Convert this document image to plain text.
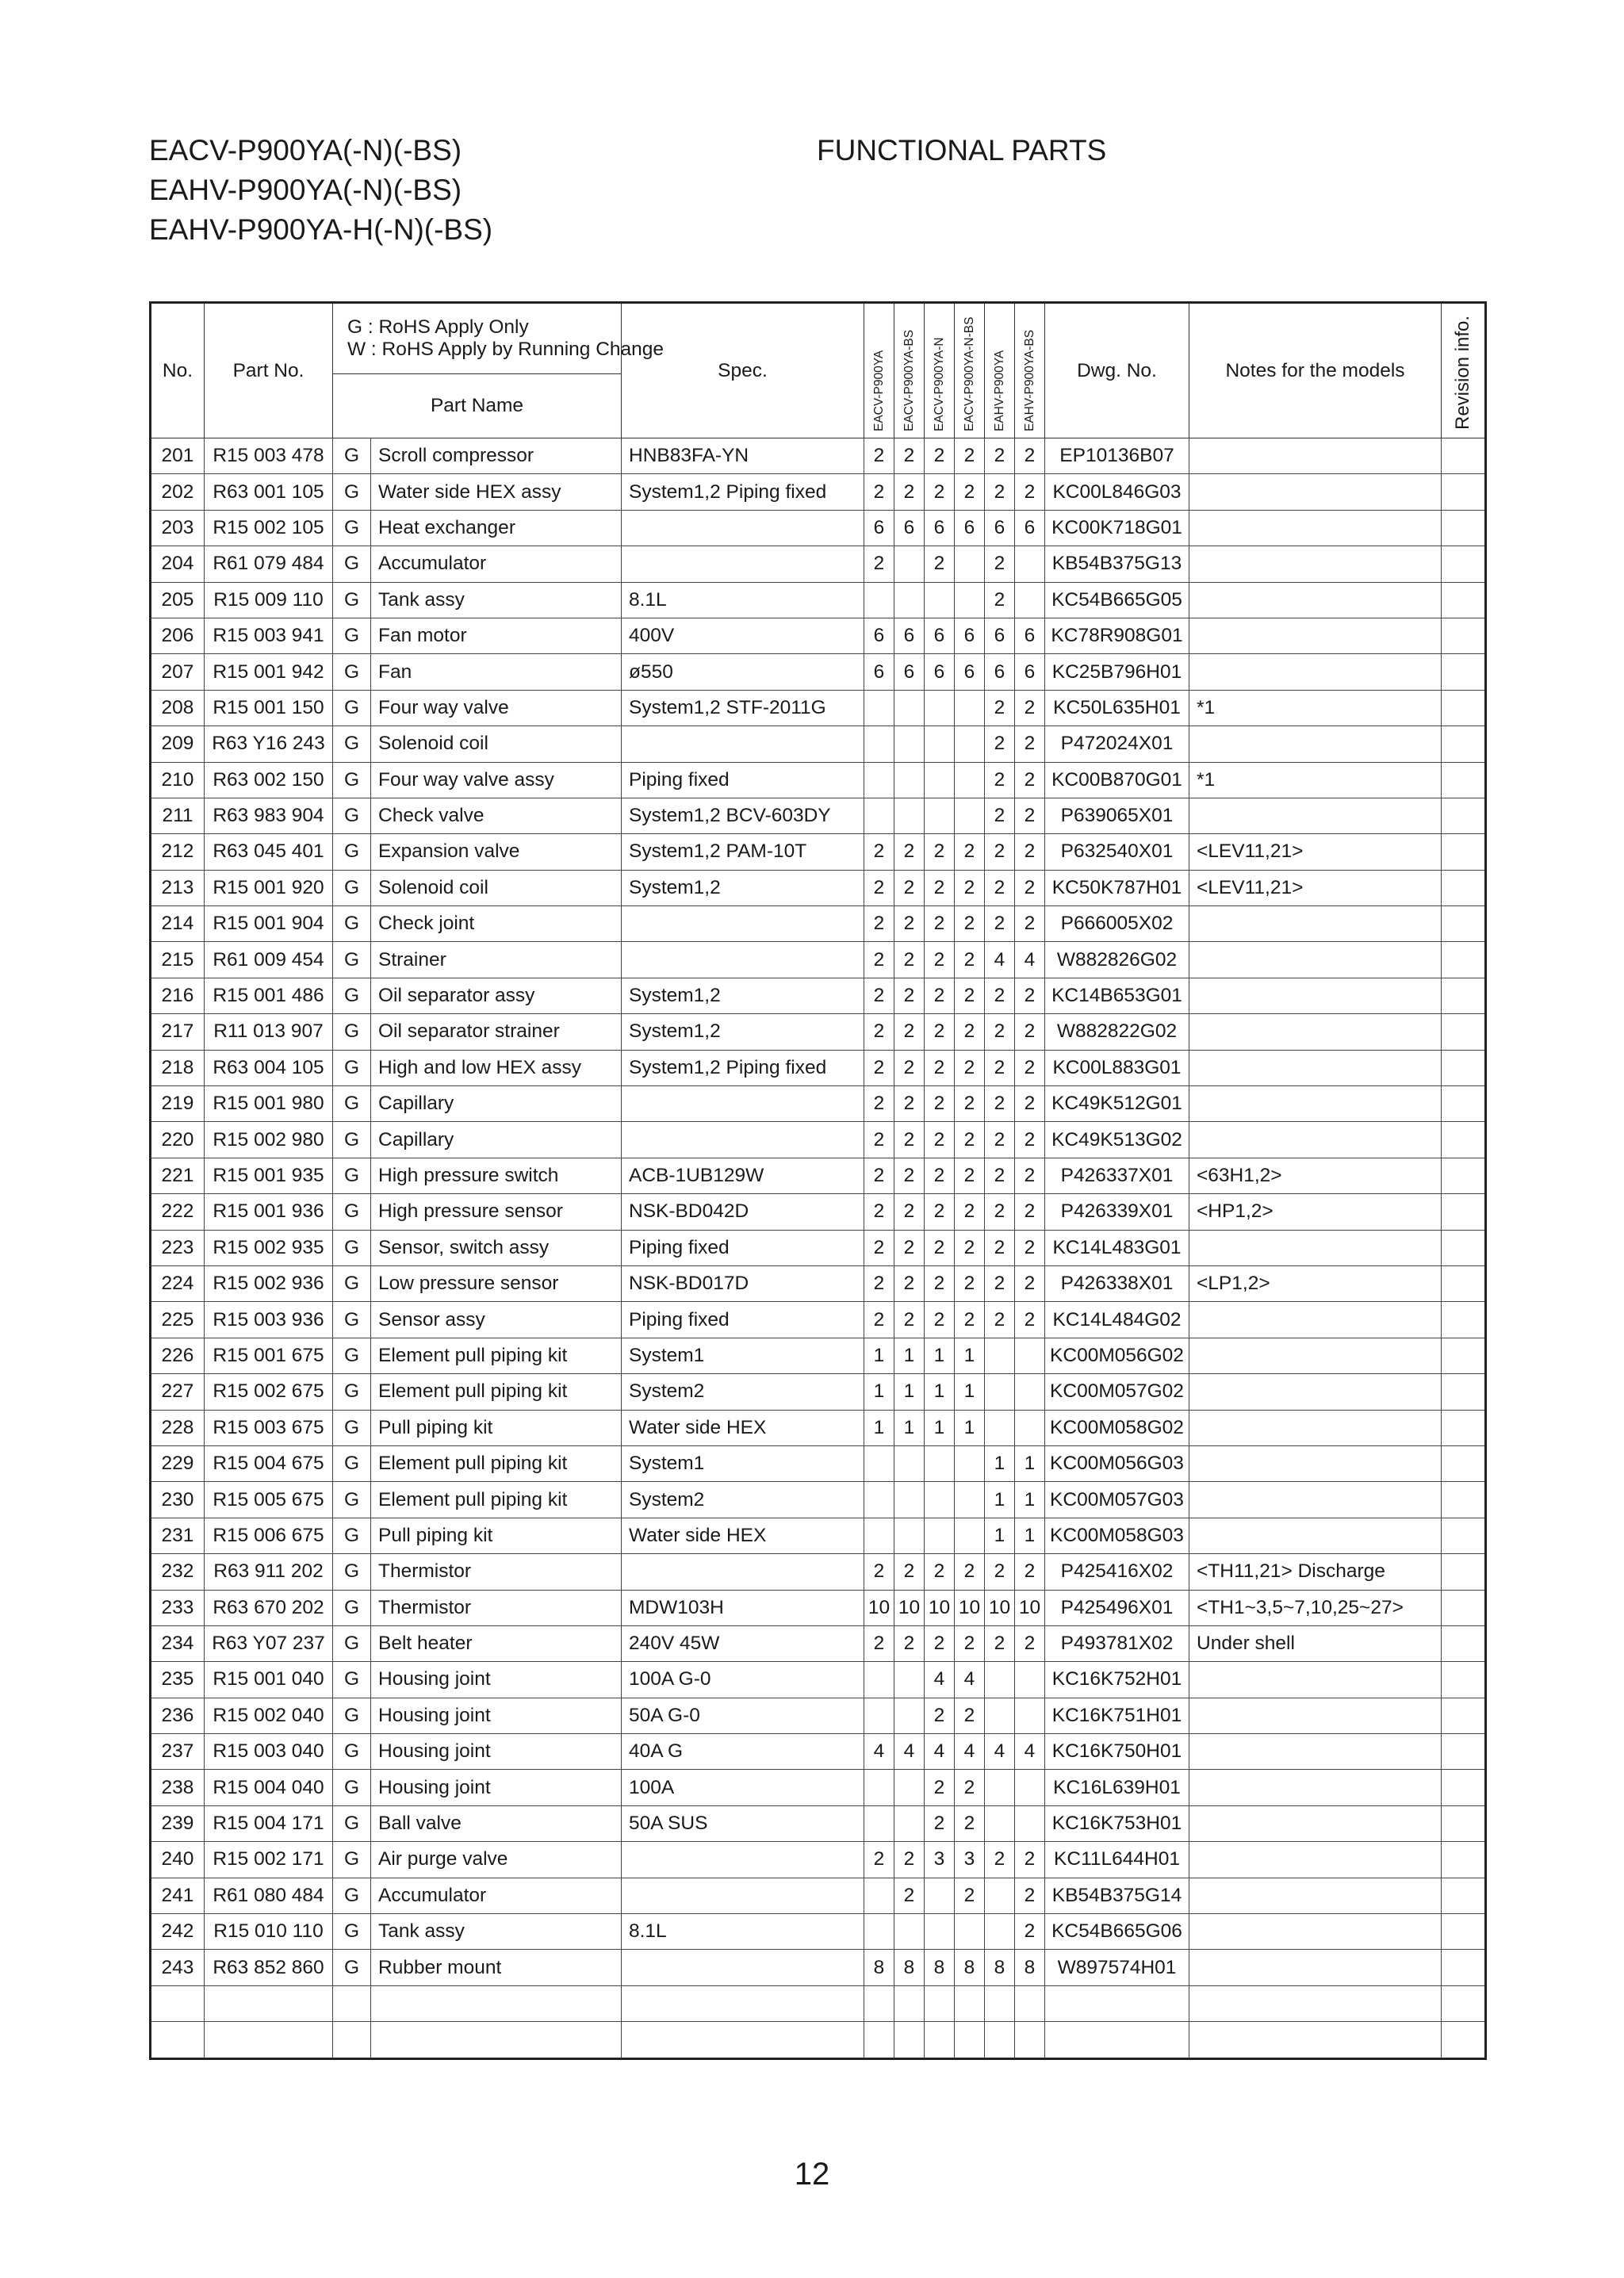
EACV-P900YA(-N)(-BS)
EAHV-P900YA(-N)(-BS)
EAHV-P900YA-H(-N)(-BS)
FUNCTIONAL PARTS
No.	Part No.	G : RoHS Apply Only
W : RoHS Apply by Running Change		Spec.	EACV-P900YA	EACV-P900YA-BS	EACV-P900YA-N	EACV-P900YA-N-BS	EAHV-P900YA	EAHV-P900YA-BS	Dwg. No.	Notes for the models	Revision info.

		Part Name											
201	R15 003 478	G	Scroll compressor	HNB83FA-YN	2	2	2	2	2	2	EP10136B07		
202	R63 001 105	G	Water side HEX assy	System1,2 Piping fixed	2	2	2	2	2	2	KC00L846G03		
203	R15 002 105	G	Heat exchanger		6	6	6	6	6	6	KC00K718G01		
204	R61 079 484	G	Accumulator		2		2		2		KB54B375G13		
205	R15 009 110	G	Tank assy	8.1L					2		KC54B665G05		
206	R15 003 941	G	Fan motor	400V	6	6	6	6	6	6	KC78R908G01		
207	R15 001 942	G	Fan	ø550	6	6	6	6	6	6	KC25B796H01		
208	R15 001 150	G	Four way valve	System1,2 STF-2011G					2	2	KC50L635H01	*1	
209	R63 Y16 243	G	Solenoid coil						2	2	P472024X01		
210	R63 002 150	G	Four way valve assy	Piping fixed					2	2	KC00B870G01	*1	
211	R63 983 904	G	Check valve	System1,2 BCV-603DY					2	2	P639065X01		
212	R63 045 401	G	Expansion valve	System1,2 PAM-10T	2	2	2	2	2	2	P632540X01	<LEV11,21>	
213	R15 001 920	G	Solenoid coil	System1,2	2	2	2	2	2	2	KC50K787H01	<LEV11,21>	
214	R15 001 904	G	Check joint		2	2	2	2	2	2	P666005X02		
215	R61 009 454	G	Strainer		2	2	2	2	4	4	W882826G02		
216	R15 001 486	G	Oil separator assy	System1,2	2	2	2	2	2	2	KC14B653G01		
217	R11 013 907	G	Oil separator strainer	System1,2	2	2	2	2	2	2	W882822G02		
218	R63 004 105	G	High and low HEX assy	System1,2 Piping fixed	2	2	2	2	2	2	KC00L883G01		
219	R15 001 980	G	Capillary		2	2	2	2	2	2	KC49K512G01		
220	R15 002 980	G	Capillary		2	2	2	2	2	2	KC49K513G02		
221	R15 001 935	G	High pressure switch	ACB-1UB129W	2	2	2	2	2	2	P426337X01	<63H1,2>	
222	R15 001 936	G	High pressure sensor	NSK-BD042D	2	2	2	2	2	2	P426339X01	<HP1,2>	
223	R15 002 935	G	Sensor, switch assy	Piping fixed	2	2	2	2	2	2	KC14L483G01		
224	R15 002 936	G	Low pressure sensor	NSK-BD017D	2	2	2	2	2	2	P426338X01	<LP1,2>	
225	R15 003 936	G	Sensor assy	Piping fixed	2	2	2	2	2	2	KC14L484G02		
226	R15 001 675	G	Element pull piping kit	System1	1	1	1	1			KC00M056G02		
227	R15 002 675	G	Element pull piping kit	System2	1	1	1	1			KC00M057G02		
228	R15 003 675	G	Pull piping kit	Water side HEX	1	1	1	1			KC00M058G02		
229	R15 004 675	G	Element pull piping kit	System1					1	1	KC00M056G03		
230	R15 005 675	G	Element pull piping kit	System2					1	1	KC00M057G03		
231	R15 006 675	G	Pull piping kit	Water side HEX					1	1	KC00M058G03		
232	R63 911 202	G	Thermistor		2	2	2	2	2	2	P425416X02	<TH11,21> Discharge	
233	R63 670 202	G	Thermistor	MDW103H	10	10	10	10	10	10	P425496X01	<TH1~3,5~7,10,25~27>	
234	R63 Y07 237	G	Belt heater	240V 45W	2	2	2	2	2	2	P493781X02	Under shell	
235	R15 001 040	G	Housing joint	100A G-0			4	4			KC16K752H01		
236	R15 002 040	G	Housing joint	50A G-0			2	2			KC16K751H01		
237	R15 003 040	G	Housing joint	40A G	4	4	4	4	4	4	KC16K750H01		
238	R15 004 040	G	Housing joint	100A			2	2			KC16L639H01		
239	R15 004 171	G	Ball valve	50A SUS			2	2			KC16K753H01		
240	R15 002 171	G	Air purge valve		2	2	3	3	2	2	KC11L644H01		
241	R61 080 484	G	Accumulator			2		2		2	KB54B375G14		
242	R15 010 110	G	Tank assy	8.1L						2	KC54B665G06		
243	R63 852 860	G	Rubber mount		8	8	8	8	8	8	W897574H01		

12
